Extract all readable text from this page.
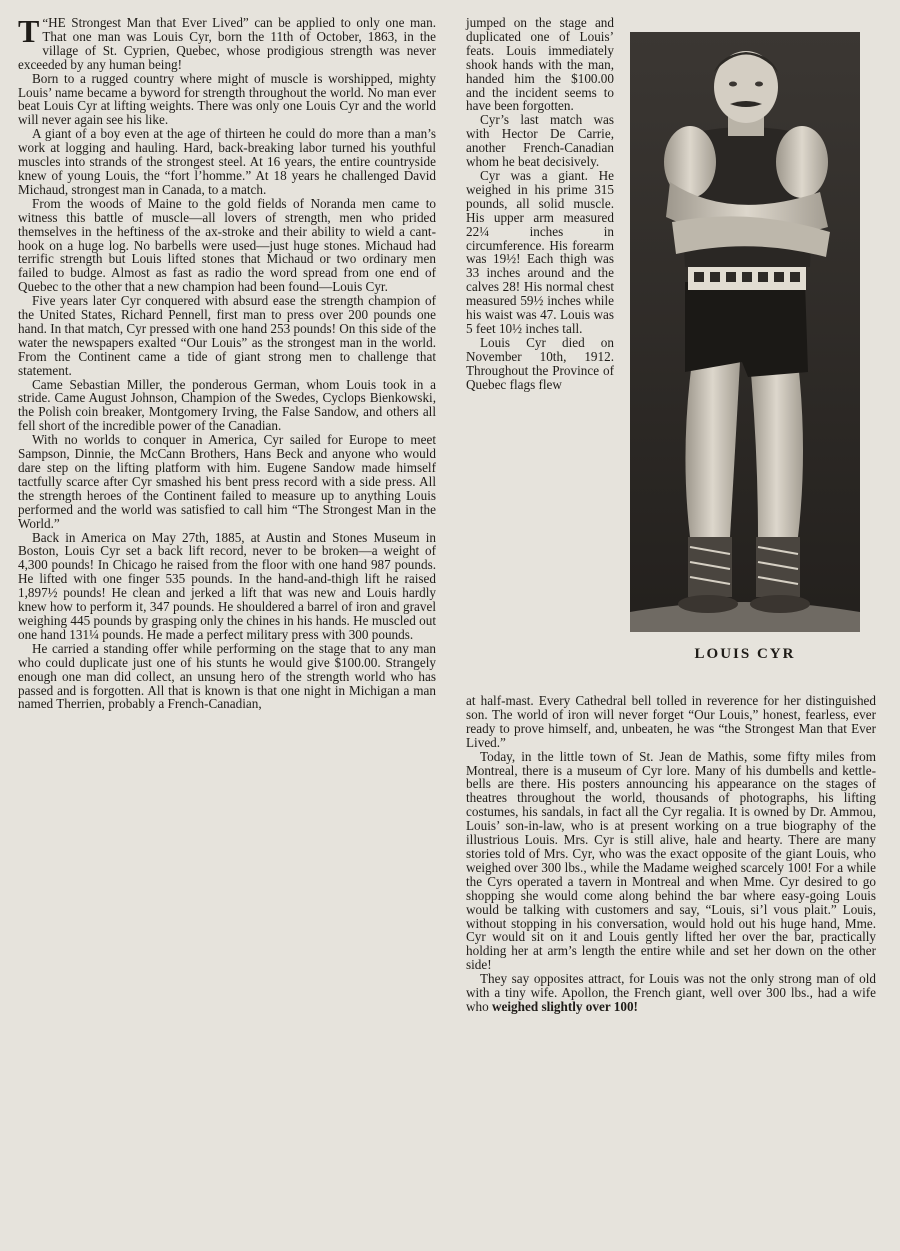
“
T HE Strongest Man that Ever Lived” can be applied to only one man. That one man was Louis Cyr, born the 11th of October, 1863, in the village of St. Cyprien, Quebec, whose prodigious strength was never exceeded by any human being!

Born to a rugged country where might of muscle is worshipped, mighty Louis’ name became a byword for strength throughout the world. No man ever beat Louis Cyr at lifting weights. There was only one Louis Cyr and the world will never again see his like.

A giant of a boy even at the age of thirteen he could do more than a man’s work at logging and hauling. Hard, back-breaking labor turned his youthful muscles into strands of the strongest steel. At 16 years, the entire countryside knew of young Louis, the “fort l’homme.” At 18 years he challenged David Michaud, strongest man in Canada, to a match.

From the woods of Maine to the gold fields of Noranda men came to witness this battle of muscle—all lovers of strength, men who prided themselves in the heftiness of the ax-stroke and their ability to wield a cant-hook on a huge log. No barbells were used—just huge stones. Michaud had terrific strength but Louis lifted stones that Michaud or two ordinary men failed to budge. Almost as fast as radio the word spread from one end of Quebec to the other that a new champion had been found—Louis Cyr.

Five years later Cyr conquered with absurd ease the strength champion of the United States, Richard Pennell, first man to press over 200 pounds one hand. In that match, Cyr pressed with one hand 253 pounds! On this side of the water the newspapers exalted “Our Louis” as the strongest man in the world. From the Continent came a tide of giant strong men to challenge that statement.

Came Sebastian Miller, the ponderous German, whom Louis took in a stride. Came August Johnson, Champion of the Swedes, Cyclops Bienkowski, the Polish coin breaker, Montgomery Irving, the False Sandow, and others all fell short of the incredible power of the Canadian.

With no worlds to conquer in America, Cyr sailed for Europe to meet Sampson, Dinnie, the McCann Brothers, Hans Beck and anyone who would dare step on the lifting platform with him. Eugene Sandow made himself tactfully scarce after Cyr smashed his bent press record with a side press. All the strength heroes of the Continent failed to measure up to anything Louis performed and the world was satisfied to call him “The Strongest Man in the World.”

Back in America on May 27th, 1885, at Austin and Stones Museum in Boston, Louis Cyr set a back lift record, never to be broken—a weight of 4,300 pounds! In Chicago he raised from the floor with one hand 987 pounds. He lifted with one finger 535 pounds. In the hand-and-thigh lift he raised 1,897½ pounds! He clean and jerked a lift that was new and Louis hardly knew how to perform it, 347 pounds. He shouldered a barrel of iron and gravel weighing 445 pounds by grasping only the chines in his hands. He muscled out one hand 131¼ pounds. He made a perfect military press with 300 pounds.

He carried a standing offer while performing on the stage that to any man who could duplicate just one of his stunts he would give $100.00. Strangely enough one man did collect, an unsung hero of the strength world who has passed and is forgotten. All that is known is that one night in Michigan a man named Therrien, probably a French-Canadian,

jumped on the stage and duplicated one of Louis’ feats. Louis immediately shook hands with the man, handed him the $100.00 and the incident seems to have been forgotten.

Cyr’s last match was with Hector De Carrie, another French-Canadian whom he beat decisively.

Cyr was a giant. He weighed in his prime 315 pounds, all solid muscle. His upper arm measured 22¼ inches in circumference. His forearm was 19½! Each thigh was 33 inches around and the calves 28! His normal chest measured 59½ inches while his waist was 47. Louis was 5 feet 10½ inches tall.

Louis Cyr died on November 10th, 1912. Throughout the Province of Quebec flags flew

LOUIS CYR

at half-mast. Every Cathedral bell tolled in reverence for her distinguished son. The world of iron will never forget “Our Louis,” honest, fearless, ever ready to prove himself, and, unbeaten, he was “the Strongest Man that Ever Lived.”

Today, in the little town of St. Jean de Mathis, some fifty miles from Montreal, there is a museum of Cyr lore. Many of his dumbells and kettle-bells are there. His posters announcing his appearance on the stages of theatres throughout the world, thousands of photographs, his lifting costumes, his sandals, in fact all the Cyr regalia. It is owned by Dr. Ammou, Louis’ son-in-law, who is at present working on a true biography of the illustrious Louis. Mrs. Cyr is still alive, hale and hearty. There are many stories told of Mrs. Cyr, who was the exact opposite of the giant Louis, who weighed over 300 lbs., while the Madame weighed scarcely 100! For a while the Cyrs operated a tavern in Montreal and when Mme. Cyr desired to go shopping she would come along behind the bar where easy-going Louis would be talking with customers and say, “Louis, si’l vous plait.” Louis, without stopping in his conversation, would hold out his huge hand, Mme. Cyr would sit on it and Louis gently lifted her over the bar, practically holding her at arm’s length the entire while and set her down on the other side!

They say opposites attract, for Louis was not the only strong man of old with a tiny wife. Apollon, the French giant, well over 300 lbs., had a wife who weighed slightly over 100!
